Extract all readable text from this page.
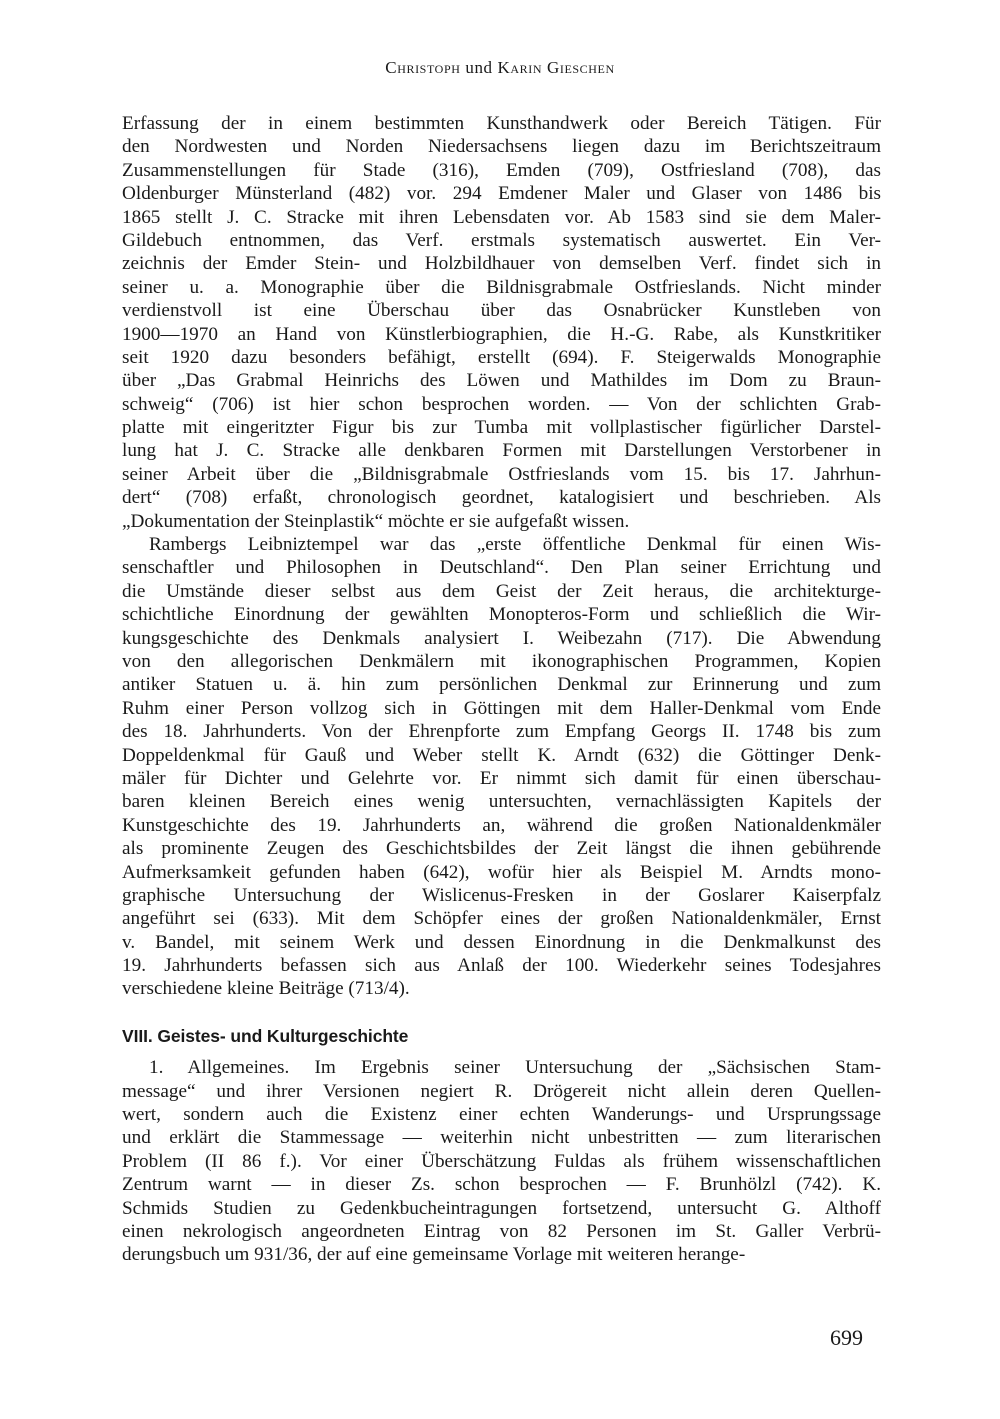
Christoph und Karin Gieschen
Erfassung der in einem bestimmten Kunsthandwerk oder Bereich Tätigen. Für
den Nordwesten und Norden Niedersachsens liegen dazu im Berichtszeitraum
Zusammenstellungen für Stade (316), Emden (709), Ostfriesland (708), das
Oldenburger Münsterland (482) vor. 294 Emdener Maler und Glaser von 1486 bis
1865 stellt J. C. Stracke mit ihren Lebensdaten vor. Ab 1583 sind sie dem Maler-
Gildebuch entnommen, das Verf. erstmals systematisch auswertet. Ein Ver-
zeichnis der Emder Stein- und Holzbildhauer von demselben Verf. findet sich in
seiner u. a. Monographie über die Bildnisgrabmale Ostfrieslands. Nicht minder
verdienstvoll ist eine Überschau über das Osnabrücker Kunstleben von
1900—1970 an Hand von Künstlerbiographien, die H.-G. Rabe, als Kunstkritiker
seit 1920 dazu besonders befähigt, erstellt (694). F. Steigerwalds Monographie
über „Das Grabmal Heinrichs des Löwen und Mathildes im Dom zu Braun-
schweig“ (706) ist hier schon besprochen worden. — Von der schlichten Grab-
platte mit eingeritzter Figur bis zur Tumba mit vollplastischer figürlicher Darstel-
lung hat J. C. Stracke alle denkbaren Formen mit Darstellungen Verstorbener in
seiner Arbeit über die „Bildnisgrabmale Ostfrieslands vom 15. bis 17. Jahrhun-
dert“ (708) erfaßt, chronologisch geordnet, katalogisiert und beschrieben. Als
„Dokumentation der Steinplastik“ möchte er sie aufgefaßt wissen.
Rambergs Leibniztempel war das „erste öffentliche Denkmal für einen Wis-
senschaftler und Philosophen in Deutschland“. Den Plan seiner Errichtung und
die Umstände dieser selbst aus dem Geist der Zeit heraus, die architekturge-
schichtliche Einordnung der gewählten Monopteros-Form und schließlich die Wir-
kungsgeschichte des Denkmals analysiert I. Weibezahn (717). Die Abwendung
von den allegorischen Denkmälern mit ikonographischen Programmen, Kopien
antiker Statuen u. ä. hin zum persönlichen Denkmal zur Erinnerung und zum
Ruhm einer Person vollzog sich in Göttingen mit dem Haller-Denkmal vom Ende
des 18. Jahrhunderts. Von der Ehrenpforte zum Empfang Georgs II. 1748 bis zum
Doppeldenkmal für Gauß und Weber stellt K. Arndt (632) die Göttinger Denk-
mäler für Dichter und Gelehrte vor. Er nimmt sich damit für einen überschau-
baren kleinen Bereich eines wenig untersuchten, vernachlässigten Kapitels der
Kunstgeschichte des 19. Jahrhunderts an, während die großen Nationaldenkmäler
als prominente Zeugen des Geschichtsbildes der Zeit längst die ihnen gebührende
Aufmerksamkeit gefunden haben (642), wofür hier als Beispiel M. Arndts mono-
graphische Untersuchung der Wislicenus-Fresken in der Goslarer Kaiserpfalz
angeführt sei (633). Mit dem Schöpfer eines der großen Nationaldenkmäler, Ernst
v. Bandel, mit seinem Werk und dessen Einordnung in die Denkmalkunst des
19. Jahrhunderts befassen sich aus Anlaß der 100. Wiederkehr seines Todesjahres
verschiedene kleine Beiträge (713/4).
VIII. Geistes- und Kulturgeschichte
1. Allgemeines. Im Ergebnis seiner Untersuchung der „Sächsischen Stam-
message“ und ihrer Versionen negiert R. Drögereit nicht allein deren Quellen-
wert, sondern auch die Existenz einer echten Wanderungs- und Ursprungssage
und erklärt die Stammessage — weiterhin nicht unbestritten — zum literarischen
Problem (II 86 f.). Vor einer Überschätzung Fuldas als frühem wissenschaftlichen
Zentrum warnt — in dieser Zs. schon besprochen — F. Brunhölzl (742). K.
Schmids Studien zu Gedenkbucheintragungen fortsetzend, untersucht G. Althoff
einen nekrologisch angeordneten Eintrag von 82 Personen im St. Galler Verbrü-
derungsbuch um 931/36, der auf eine gemeinsame Vorlage mit weiteren herange-
699
